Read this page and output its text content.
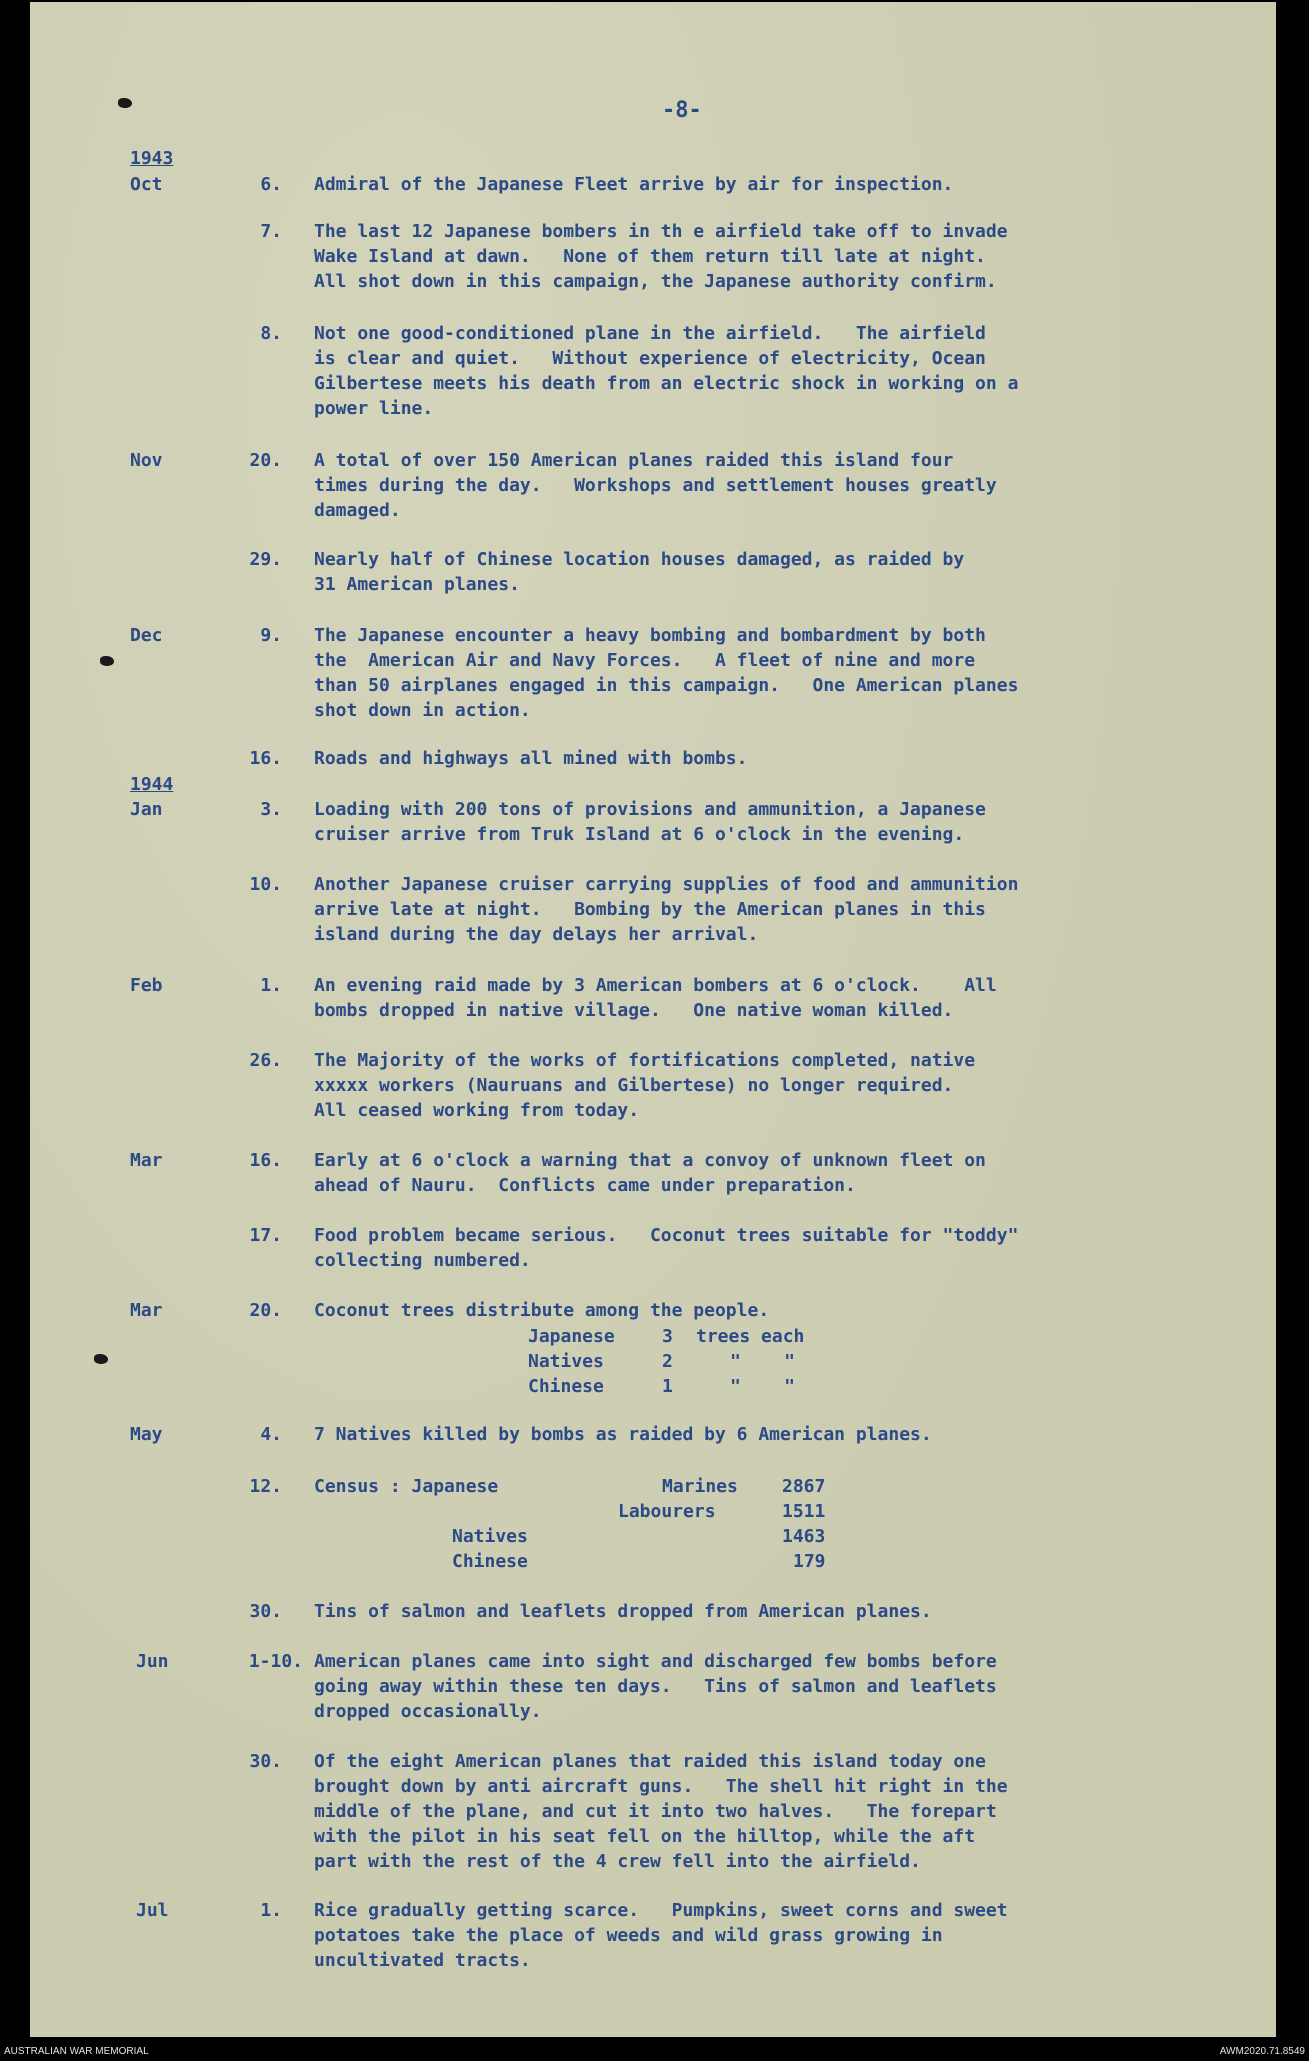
-8-
1943
Oct	6. Admiral of the Japanese Fleet arrive by air for inspection.
7. The last 12 Japanese bombers in th e airfield take off to invade
Wake Island at dawn.   None of them return till late at night.
All shot down in this campaign, the Japanese authority confirm.
8. Not one good-conditioned plane in the airfield.   The airfield
is clear and quiet.   Without experience of electricity, Ocean
Gilbertese meets his death from an electric shock in working on a
power line.
Nov	20. A total of over 150 American planes raided this island four
times during the day.   Workshops and settlement houses greatly
damaged.
29. Nearly half of Chinese location houses damaged, as raided by
31 American planes.
Dec	9. The Japanese encounter a heavy bombing and bombardment by both
the  American Air and Navy Forces.   A fleet of nine and more
than 50 airplanes engaged in this campaign.   One American planes
shot down in action.
16. Roads and highways all mined with bombs.
1944
Jan	3. Loading with 200 tons of provisions and ammunition, a Japanese
cruiser arrive from Truk Island at 6 o'clock in the evening.
10. Another Japanese cruiser carrying supplies of food and ammunition
arrive late at night.   Bombing by the American planes in this
island during the day delays her arrival.
Feb	1. An evening raid made by 3 American bombers at 6 o'clock.    All
bombs dropped in native village.   One native woman killed.
26. The Majority of the works of fortifications completed, native
xxxxx workers (Nauruans and Gilbertese) no longer required.
All ceased working from today.
Mar	16. Early at 6 o'clock a warning that a convoy of unknown fleet on
ahead of Nauru.  Conflicts came under preparation.
17. Food problem became serious.   Coconut trees suitable for "toddy"
collecting numbered.
Mar	20. Coconut trees distribute among the people.
Japanese	3 trees each
Natives	2	"    "
Chinese	1	"    "
May	4. 7 Natives killed by bombs as raided by 6 American planes.
12. Census : Japanese	Marines 2867
Labourers	1511
Natives	1463
Chinese	179
30. Tins of salmon and leaflets dropped from American planes.
Jun	1-10. American planes came into sight and discharged few bombs before
going away within these ten days.   Tins of salmon and leaflets
dropped occasionally.
30. Of the eight American planes that raided this island today one
brought down by anti aircraft guns.   The shell hit right in the
middle of the plane, and cut it into two halves.   The forepart
with the pilot in his seat fell on the hilltop, while the aft
part with the rest of the 4 crew fell into the airfield.
Jul	1. Rice gradually getting scarce.   Pumpkins, sweet corns and sweet
potatoes take the place of weeds and wild grass growing in
uncultivated tracts.
AUSTRALIAN WAR MEMORIAL	AWM2020.71.8549
